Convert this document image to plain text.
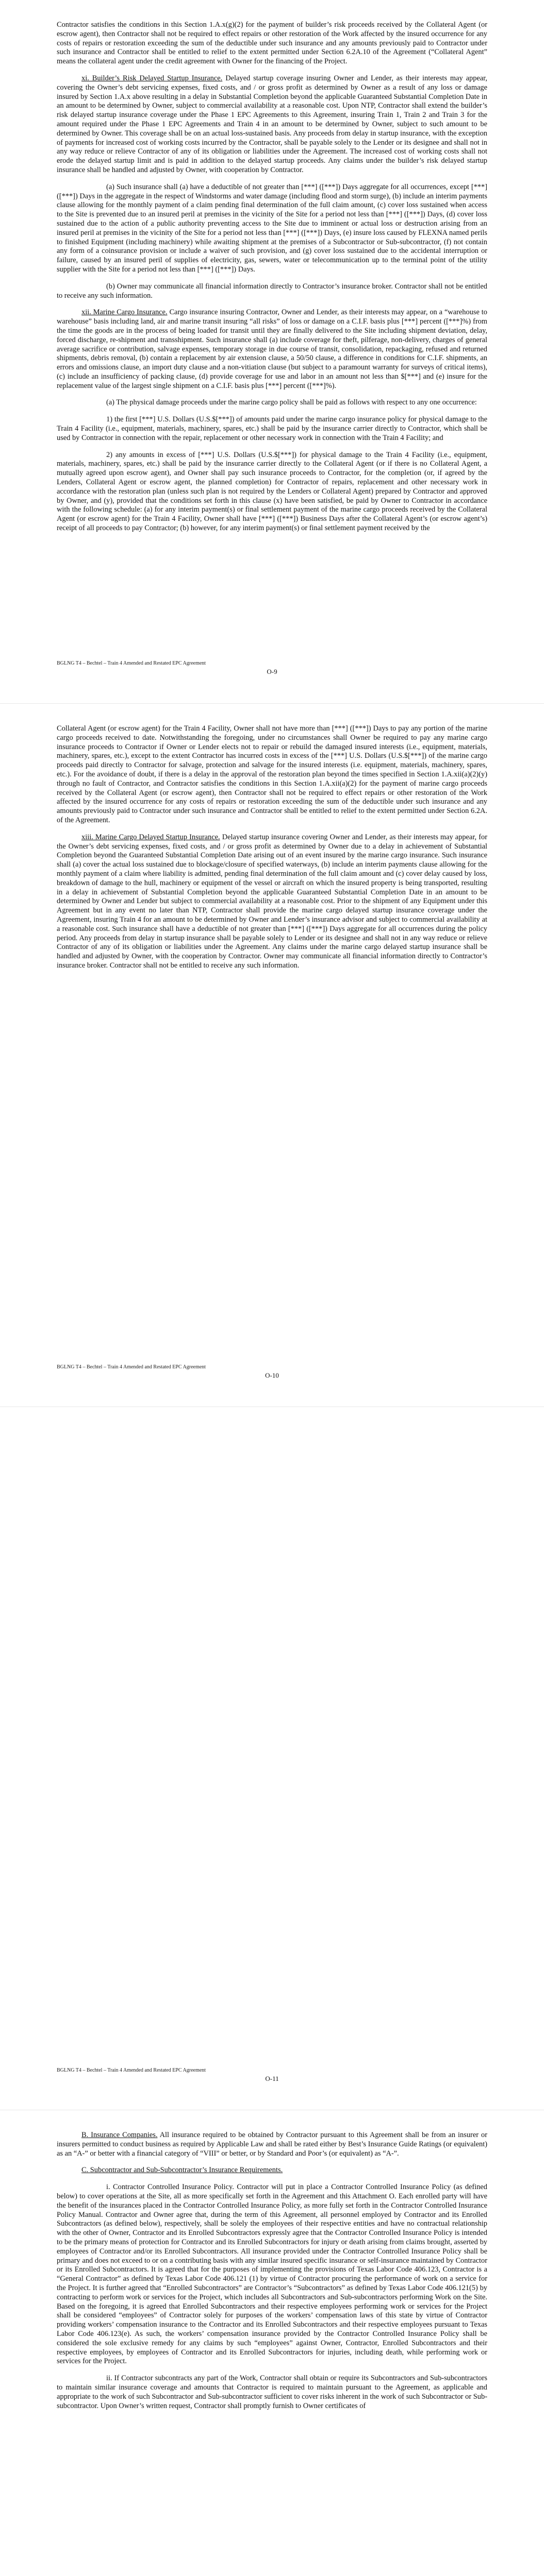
Contractor satisfies the conditions in this Section 1.A.x(g)(2) for the payment of builder’s risk proceeds received by the Collateral Agent (or escrow agent), then Contractor shall not be required to effect repairs or other restoration of the Work affected by the insured occurrence for any costs of repairs or restoration exceeding the sum of the deductible under such insurance and any amounts previously paid to Contractor under such insurance and Contractor shall be entitled to relief to the extent permitted under Section 6.2A.10 of the Agreement (“Collateral Agent” means the collateral agent under the credit agreement with Owner for the financing of the Project.

xi. Builder’s Risk Delayed Startup Insurance. Delayed startup coverage insuring Owner and Lender, as their interests may appear, covering the Owner’s debt servicing expenses, fixed costs, and / or gross profit as determined by Owner as a result of any loss or damage insured by Section 1.A.x above resulting in a delay in Substantial Completion beyond the applicable Guaranteed Substantial Completion Date in an amount to be determined by Owner, subject to commercial availability at a reasonable cost. Upon NTP, Contractor shall extend the builder’s risk delayed startup insurance coverage under the Phase 1 EPC Agreements to this Agreement, insuring Train 1, Train 2 and Train 3 for the amount required under the Phase 1 EPC Agreements and Train 4 in an amount to be determined by Owner, subject to such amount to be determined by Owner. This coverage shall be on an actual loss-sustained basis. Any proceeds from delay in startup insurance, with the exception of payments for increased cost of working costs incurred by the Contractor, shall be payable solely to the Lender or its designee and shall not in any way reduce or relieve Contractor of any of its obligation or liabilities under the Agreement. The increased cost of working costs shall not erode the delayed startup limit and is paid in addition to the delayed startup proceeds. Any claims under the builder’s risk delayed startup insurance shall be handled and adjusted by Owner, with cooperation by Contractor.

(a) Such insurance shall (a) have a deductible of not greater than [***] ([***]) Days aggregate for all occurrences, except [***] ([***]) Days in the aggregate in the respect of Windstorms and water damage (including flood and storm surge), (b) include an interim payments clause allowing for the monthly payment of a claim pending final determination of the full claim amount, (c) cover loss sustained when access to the Site is prevented due to an insured peril at premises in the vicinity of the Site for a period not less than [***] ([***]) Days, (d) cover loss sustained due to the action of a public authority preventing access to the Site due to imminent or actual loss or destruction arising from an insured peril at premises in the vicinity of the Site for a period not less than [***] ([***]) Days, (e) insure loss caused by FLEXNA named perils to finished Equipment (including machinery) while awaiting shipment at the premises of a Subcontractor or Sub-subcontractor, (f) not contain any form of a coinsurance provision or include a waiver of such provision, and (g) cover loss sustained due to the accidental interruption or failure, caused by an insured peril of supplies of electricity, gas, sewers, water or telecommunication up to the terminal point of the utility supplier with the Site for a period not less than [***] ([***]) Days.

(b) Owner may communicate all financial information directly to Contractor’s insurance broker. Contractor shall not be entitled to receive any such information.

xii. Marine Cargo Insurance. Cargo insurance insuring Contractor, Owner and Lender, as their interests may appear, on a “warehouse to warehouse” basis including land, air and marine transit insuring “all risks” of loss or damage on a C.I.F. basis plus [***] percent ([***]%) from the time the goods are in the process of being loaded for transit until they are finally delivered to the Site including shipment deviation, delay, forced discharge, re-shipment and transshipment. Such insurance shall (a) include coverage for theft, pilferage, non-delivery, charges of general average sacrifice or contribution, salvage expenses, temporary storage in due course of transit, consolidation, repackaging, refused and returned shipments, debris removal, (b) contain a replacement by air extension clause, a 50/50 clause, a difference in conditions for C.I.F. shipments, an errors and omissions clause, an import duty clause and a non-vitiation clause (but subject to a paramount warranty for surveys of critical items), (c) include an insufficiency of packing clause, (d) provide coverage for use and labor in an amount not less than $[***] and (e) insure for the replacement value of the largest single shipment on a C.I.F. basis plus [***] percent ([***]%).

(a) The physical damage proceeds under the marine cargo policy shall be paid as follows with respect to any one occurrence:

1) the first [***] U.S. Dollars (U.S.$[***]) of amounts paid under the marine cargo insurance policy for physical damage to the Train 4 Facility (i.e., equipment, materials, machinery, spares, etc.) shall be paid by the insurance carrier directly to Contractor, which shall be used by Contractor in connection with the repair, replacement or other necessary work in connection with the Train 4 Facility; and

2) any amounts in excess of [***] U.S. Dollars (U.S.$[***]) for physical damage to the Train 4 Facility (i.e., equipment, materials, machinery, spares, etc.) shall be paid by the insurance carrier directly to the Collateral Agent (or if there is no Collateral Agent, a mutually agreed upon escrow agent), and Owner shall pay such insurance proceeds to Contractor, for the completion (or, if agreed by the Lenders, Collateral Agent or escrow agent, the planned completion) for Contractor of repairs, replacement and other necessary work in accordance with the restoration plan (unless such plan is not required by the Lenders or Collateral Agent) prepared by Contractor and approved by Owner, and (y), provided that the conditions set forth in this clause (x) have been satisfied, be paid by Owner to Contractor in accordance with the following schedule: (a) for any interim payment(s) or final settlement payment of the marine cargo proceeds received by the Collateral Agent (or escrow agent) for the Train 4 Facility, Owner shall have [***] ([***]) Business Days after the Collateral Agent’s (or escrow agent’s) receipt of all proceeds to pay Contractor; (b) however, for any interim payment(s) or final settlement payment received by the

BGLNG T4 – Bechtel – Train 4 Amended and Restated EPC Agreement
O-9

Collateral Agent (or escrow agent) for the Train 4 Facility, Owner shall not have more than [***] ([***]) Days to pay any portion of the marine cargo proceeds received to date. Notwithstanding the foregoing, under no circumstances shall Owner be required to pay any marine cargo insurance proceeds to Contractor if Owner or Lender elects not to repair or rebuild the damaged insured interests (i.e., equipment, materials, machinery, spares, etc.), except to the extent Contractor has incurred costs in excess of the [***] U.S. Dollars (U.S.$[***]) of the marine cargo proceeds paid directly to Contractor for salvage, protection and salvage for the insured interests (i.e. equipment, materials, machinery, spares, etc.). For the avoidance of doubt, if there is a delay in the approval of the restoration plan beyond the times specified in Section 1.A.xii(a)(2)(y) through no fault of Contractor, and Contractor satisfies the conditions in this Section 1.A.xii(a)(2) for the payment of marine cargo proceeds received by the Collateral Agent (or escrow agent), then Contractor shall not be required to effect repairs or other restoration of the Work affected by the insured occurrence for any costs of repairs or restoration exceeding the sum of the deductible under such insurance and any amounts previously paid to Contractor under such insurance and Contractor shall be entitled to relief to the extent permitted under Section 6.2A. of the Agreement.

xiii. Marine Cargo Delayed Startup Insurance. Delayed startup insurance covering Owner and Lender, as their interests may appear, for the Owner’s debt servicing expenses, fixed costs, and / or gross profit as determined by Owner due to a delay in achievement of Substantial Completion beyond the Guaranteed Substantial Completion Date arising out of an event insured by the marine cargo insurance. Such insurance shall (a) cover the actual loss sustained due to blockage/closure of specified waterways, (b) include an interim payments clause allowing for the monthly payment of a claim where liability is admitted, pending final determination of the full claim amount and (c) cover delay caused by loss, breakdown of damage to the hull, machinery or equipment of the vessel or aircraft on which the insured property is being transported, resulting in a delay in achievement of Substantial Completion beyond the applicable Guaranteed Substantial Completion Date in an amount to be determined by Owner and Lender but subject to commercial availability at a reasonable cost. Prior to the shipment of any Equipment under this Agreement but in any event no later than NTP, Contractor shall provide the marine cargo delayed startup insurance coverage under the Agreement, insuring Train 4 for an amount to be determined by Owner and Lender’s insurance advisor and subject to commercial availability at a reasonable cost. Such insurance shall have a deductible of not greater than [***] ([***]) Days aggregate for all occurrences during the policy period. Any proceeds from delay in startup insurance shall be payable solely to Lender or its designee and shall not in any way reduce or relieve Contractor of any of its obligation or liabilities under the Agreement. Any claims under the marine cargo delayed startup insurance shall be handled and adjusted by Owner, with the cooperation by Contractor. Owner may communicate all financial information directly to Contractor’s insurance broker. Contractor shall not be entitled to receive any such information.

BGLNG T4 – Bechtel – Train 4 Amended and Restated EPC Agreement
O-10
BGLNG T4 – Bechtel – Train 4 Amended and Restated EPC Agreement
O-11

B. Insurance Companies. All insurance required to be obtained by Contractor pursuant to this Agreement shall be from an insurer or insurers permitted to conduct business as required by Applicable Law and shall be rated either by Best’s Insurance Guide Ratings (or equivalent) as an “A-” or better with a financial category of “VIII” or better, or by Standard and Poor’s (or equivalent) as “A-”.

C. Subcontractor and Sub-Subcontractor’s Insurance Requirements.

i. Contractor Controlled Insurance Policy. Contractor will put in place a Contractor Controlled Insurance Policy (as defined below) to cover operations at the Site, all as more specifically set forth in the Agreement and this Attachment O. Each enrolled party will have the benefit of the insurances placed in the Contractor Controlled Insurance Policy, as more fully set forth in the Contractor Controlled Insurance Policy Manual. Contractor and Owner agree that, during the term of this Agreement, all personnel employed by Contractor and its Enrolled Subcontractors (as defined below), respectively, shall be solely the employees of their respective entities and have no contractual relationship with the other of Owner, Contractor and its Enrolled Subcontractors expressly agree that the Contractor Controlled Insurance Policy is intended to be the primary means of protection for Contractor and its Enrolled Subcontractors for injury or death arising from claims brought, asserted by employees of Contractor and/or its Enrolled Subcontractors. All insurance provided under the Contractor Controlled Insurance Policy shall be primary and does not exceed to or on a contributing basis with any similar insured specific insurance or self-insurance maintained by Contractor or its Enrolled Subcontractors. It is agreed that for the purposes of implementing the provisions of Texas Labor Code 406.123, Contractor is a “General Contractor” as defined by Texas Labor Code 406.121 (1) by virtue of Contractor procuring the performance of work on a service for the Project. It is further agreed that “Enrolled Subcontractors” are Contractor’s “Subcontractors” as defined by Texas Labor Code 406.121(5) by contracting to perform work or services for the Project, which includes all Subcontractors and Sub-subcontractors performing Work on the Site. Based on the foregoing, it is agreed that Enrolled Subcontractors and their respective employees performing work or services for the Project shall be considered “employees” of Contractor solely for purposes of the workers’ compensation laws of this state by virtue of Contractor providing workers’ compensation insurance to the Contractor and its Enrolled Subcontractors and their respective employees pursuant to Texas Labor Code 406.123(e). As such, the workers’ compensation insurance provided by the Contractor Controlled Insurance Policy shall be considered the sole exclusive remedy for any claims by such “employees” against Owner, Contractor, Enrolled Subcontractors and their respective employees, by employees of Contractor and its Enrolled Subcontractors for injuries, including death, while performing work or services for the Project.

ii. If Contractor subcontracts any part of the Work, Contractor shall obtain or require its Subcontractors and Sub-subcontractors to maintain similar insurance coverage and amounts that Contractor is required to maintain pursuant to the Agreement, as applicable and appropriate to the work of such Subcontractor and Sub-subcontractor sufficient to cover risks inherent in the work of such Subcontractor or Sub-subcontractor. Upon Owner’s written request, Contractor shall promptly furnish to Owner certificates of
